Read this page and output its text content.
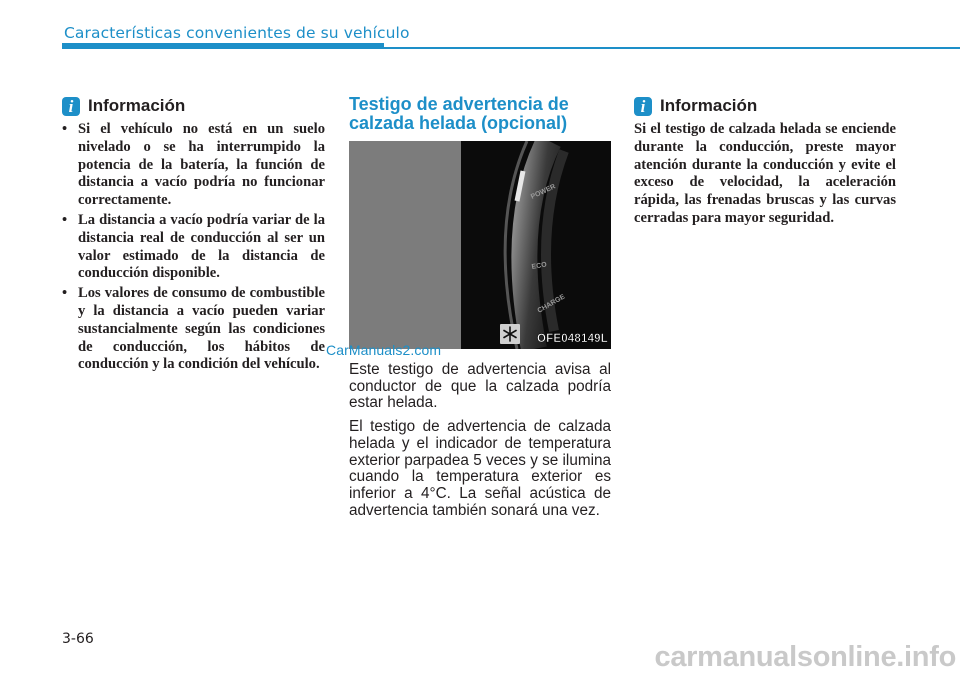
Características convenientes de su vehículo
i Información
• Si el vehículo no está en un suelo nivelado o se ha interrumpido la potencia de la batería, la función de distancia a vacío podría no funcionar correctamente.
• La distancia a vacío podría variar de la distancia real de conducción al ser un valor estimado de la distancia de conducción disponible.
• Los valores de consumo de combustible y la distancia a vacío pueden variar sustancialmente según las condiciones de conducción, los hábitos de conducción y la condición del vehículo.
Testigo de advertencia de calzada helada (opcional)
POWER
ECO
CHARGE
OFE048149L
CarManuals2.com

Este testigo de advertencia avisa al conductor de que la calzada podría estar helada.

El testigo de advertencia de calzada helada y el indicador de temperatura exterior parpadea 5 veces y se ilumina cuando la temperatura exterior es inferior a 4°C. La señal acústica de advertencia también sonará una vez.

i Información

Si el testigo de calzada helada se enciende durante la conducción, preste mayor atención durante la conducción y evite el exceso de velocidad, la aceleración rápida, las frenadas bruscas y las curvas cerradas para mayor seguridad.

3-66
carmanualsonline.info
